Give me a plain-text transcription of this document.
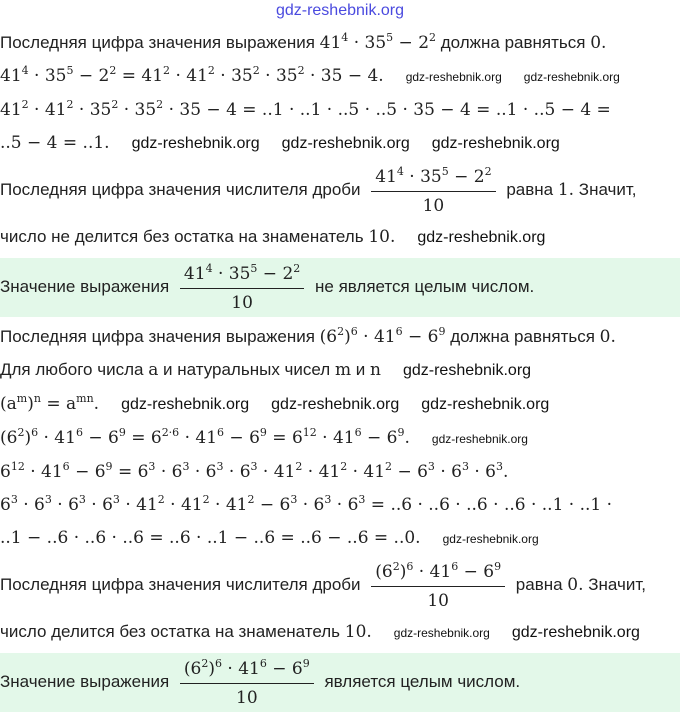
gdz-reshebnik.org
Последняя цифра значения выражения $41^4 \cdot 35^5 - 2^2$ должна равняться 0.
$41^4 \cdot 35^5 - 2^2 = 41^2 \cdot 41^2 \cdot 35^2 \cdot 35^2 \cdot 35 - 4$. gdz-reshebnik.org gdz-reshebnik.org
$41^2 \cdot 41^2 \cdot 35^2 \cdot 35^2 \cdot 35 - 4 = ..1 \cdot ..1 \cdot ..5 \cdot ..5 \cdot 35 - 4 = ..1 \cdot ..5 - 4$ =
..5 − 4 = ..1. gdz-reshebnik.org gdz-reshebnik.org gdz-reshebnik.org
Последняя цифра значения числителя дроби $\frac{41^4 \cdot 35^5 - 2^2}{10}$ равна 1. Значит,
число не делится без остатка на знаменатель 10. gdz-reshebnik.org
Значение выражения $\frac{41^4 \cdot 35^5 - 2^2}{10}$ не является целым числом.
Последняя цифра значения выражения $(6^2)^6 \cdot 41^6 - 6^9$ должна равняться 0.
Для любого числа a и натуральных чисел m и n gdz-reshebnik.org
$(a^m)^n = a^{mn}$. gdz-reshebnik.org gdz-reshebnik.org gdz-reshebnik.org
$(6^2)^6 \cdot 41^6 - 6^9 = 6^{2\cdot 6} \cdot 41^6 - 6^9 = 6^{12} \cdot 41^6 - 6^9$. gdz-reshebnik.org
$6^{12} \cdot 41^6 - 6^9 = 6^3 \cdot 6^3 \cdot 6^3 \cdot 6^3 \cdot 41^2 \cdot 41^2 \cdot 41^2 - 6^3 \cdot 6^3 \cdot 6^3$.
$6^3 \cdot 6^3 \cdot 6^3 \cdot 6^3 \cdot 41^2 \cdot 41^2 \cdot 41^2 - 6^3 \cdot 6^3 \cdot 6^3 = ..6 \cdot ..6 \cdot ..6 \cdot ..6 \cdot ..1 \cdot ..1$ ·
..1 − ..6 · ..6 · ..6 = ..6 · ..1 − ..6 = ..6 − ..6 = ..0. gdz-reshebnik.org
Последняя цифра значения числителя дроби $\frac{(6^2)^6 \cdot 41^6 - 6^9}{10}$ равна 0. Значит,
число делится без остатка на знаменатель 10. gdz-reshebnik.org gdz-reshebnik.org
Значение выражения $\frac{(6^2)^6 \cdot 41^6 - 6^9}{10}$ является целым числом.
